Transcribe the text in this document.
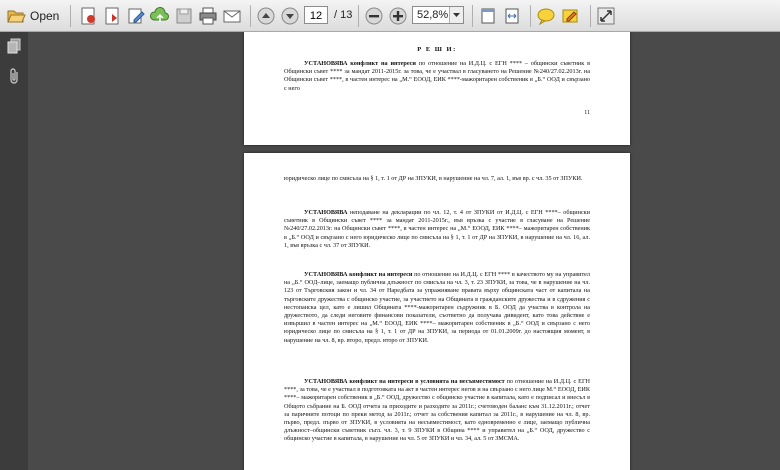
Open	12	/ 13	52,8%
Р Е Ш И:
УСТАНОВЯВА конфликт на интереси по отношение на И.Д.Ц. с ЕГН **** – общински съветник в Общински съвет **** за мандат 2011-2015г. за това, че е участвал в гласуването на Решение №240/27.02.2013г. на Общински съвет ****, в частен интерес на „М.“ ЕООД, ЕИК ****-мажоритарен собственик в „Б.“ ООД и свързано с него
11
юридическо лице по смисъла на § 1, т. 1 от ДР на ЗПУКИ, в нарушение на чл. 7, ал. 1, във вр. с чл. 35 от ЗПУКИ.
УСТАНОВЯВА неподаване на декларации по чл. 12, т. 4 от ЗПУКИ от И.Д.Ц. с ЕГН ****– общински съветник в Общински съвет **** за мандат 2011-2015г., във връзка с участие в гласуване на Решение №240/27.02.2013г. на Общински съвет ****, в частен интерес на „М.“ ЕООД, ЕИК ****– мажоритарен собственик в „Б.“ ООД и свързано с него юридическо лице по смисъла на § 1, т. 1 от ДР на ЗПУКИ, в нарушение на чл. 16, ал. 1, във връзка с чл. 37 от ЗПУКИ.
УСТАНОВЯВА конфликт на интереси по отношение на И.Д.Ц. с ЕГН **** в качеството му на управител на „Б.“ ООД–лице, заемащо публична длъжност по смисъла на чл. 3, т. 23 ЗПУКИ, за това, че в нарушение на чл. 123 от Търговския закон и чл. 34 от Наредбата за упражняване правата върху общинската част от капитала на търговските дружества с общинско участие, за участието на Общината в гражданските дружества и в сдружения с нестопанска цел, като е лишил Общината ****-мажоритарен съдружник в Б. ООД да участва в контрола на дружеството, да следи неговите финансови показатели, съответно да получава дивидент, като това действие е извършил в частен интерес на „М.“ ЕООД, ЕИК ****– мажоритарен собственик в „Б.“ ООД и свързано с него юридическо лице по смисъла на § 1, т. 1 от ДР на ЗПУКИ, за периода от 01.01.2009г. до настоящия момент, в нарушение на чл. 8, вр. второ, предл. второ от ЗПУКИ.
УСТАНОВЯВА конфликт на интереси в условията на несъвместимост по отношение на И.Д.Ц. с ЕГН ****, за това, че е участвал в подготовката на акт в частен интерес негов и на свързано с него лице М.“ ЕООД, ЕИК ****– мажоритарен собственик в „Б.“ ООД, дружество с общинско участие в капитала, като е подписал и внесъл в Общото събрание на Б. ООД отчета за приходите и разходите за 2011г.; счетоводен баланс към 31.12.2011г.; отчет за паричните потоци по преки метод за 2011г.; отчет за собствения капитал за 2011г., в нарушение на чл. 8, вр. първо, предл. първо от ЗПУКИ, в условията на несъвместимост, като едновременно е лице, заемащо публична длъжност–общински съветник съгл. чл. 3, т. 9 ЗПУКИ в Община **** и управител на „Б.“ ООД, дружество с общинско участие в капитала, в нарушение на чл. 5 от ЗПУКИ и чл. 34, ал. 5 от ЗМСМА.
